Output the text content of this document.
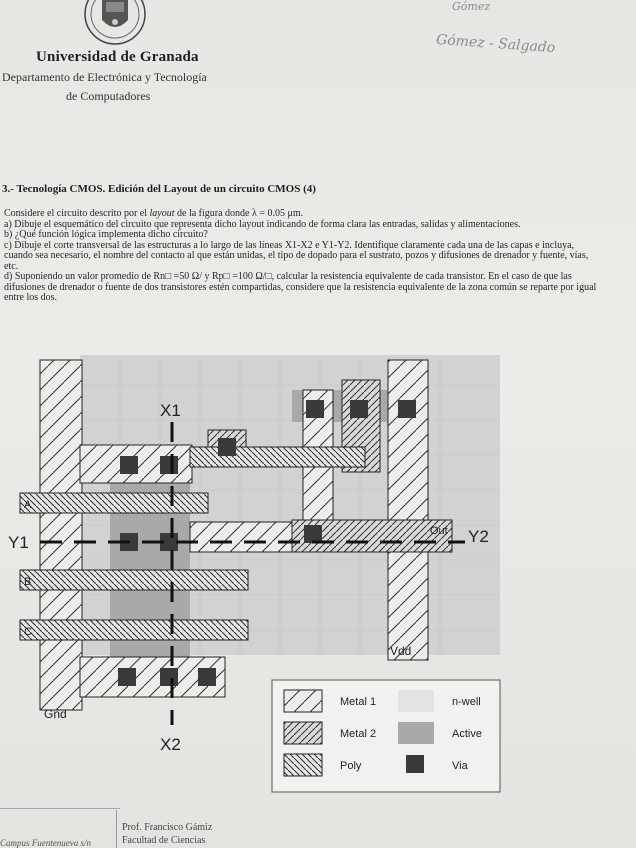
Universidad de Granada
Departamento de Electrónica y Tecnología
de Computadores
Gómez
Gómez - Salgado
3.- Tecnología CMOS. Edición del Layout de un circuito CMOS (4)

Considere el circuito descrito por el layout de la figura donde λ = 0.05 μm.

a) Dibuje el esquemático del circuito que representa dicho layout indicando de forma clara las entradas, salidas y alimentaciones.

b) ¿Qué función lógica implementa dicho circuito?

c) Dibuje el corte transversal de las estructuras a lo largo de las líneas X1-X2 e Y1-Y2. Identifique claramente cada una de las capas e incluya, cuando sea necesario, el nombre del contacto al que están unidas, el tipo de dopado para el sustrato, pozos y difusiones de drenador y fuente, vías, etc.

d) Suponiendo un valor promedio de Rn□ =50 Ω/ y Rp□ =100 Ω/□, calcular la resistencia equivalente de cada transistor. En el caso de que las difusiones de drenador o fuente de dos transistores estén compartidas, considere que la resistencia equivalente de la zona común se reparte por igual entre los dos.

X1
X2
Y1	Y2
A
B
C
Gnd
Vdd
Out
Metal 1
Metal 2
Poly
n-well
Active
Via
Prof. Francisco Gámiz
Facultad de Ciencias
Campus Fuentenueva s/n
